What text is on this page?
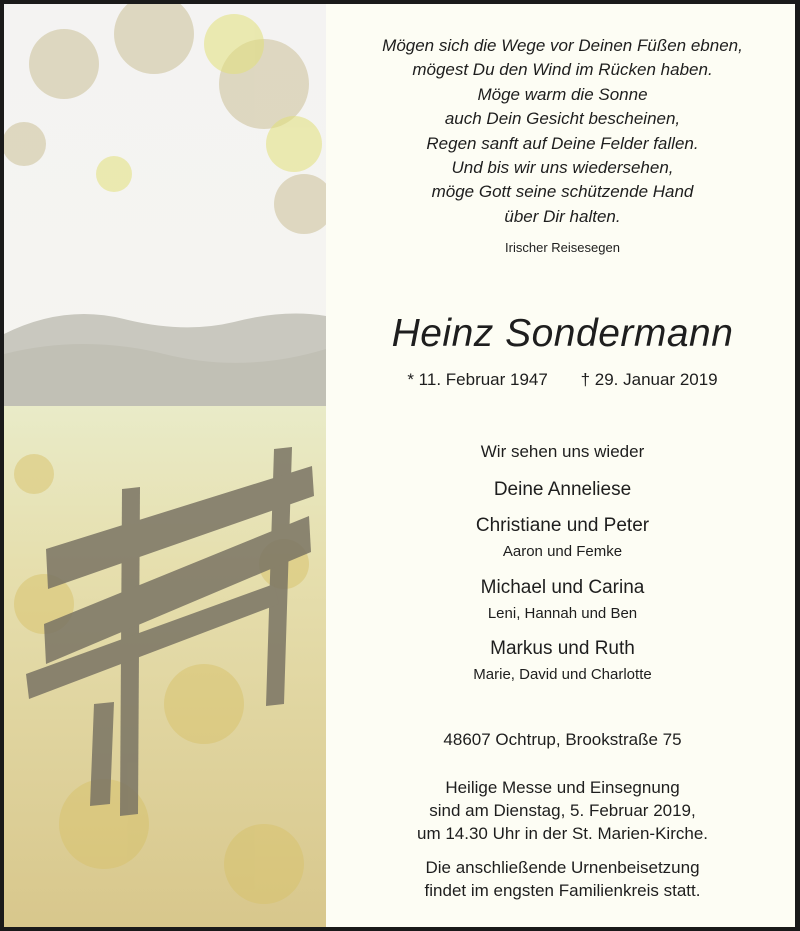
Mögen sich die Wege vor Deinen Füßen ebnen,
mögest Du den Wind im Rücken haben.
Möge warm die Sonne
auch Dein Gesicht bescheinen,
Regen sanft auf Deine Felder fallen.
Und bis wir uns wiedersehen,
möge Gott seine schützende Hand
über Dir halten.
Irischer Reisesegen
Heinz Sondermann
* 11. Februar 1947 † 29. Januar 2019
Wir sehen uns wieder
Deine Anneliese
Christiane und Peter
Aaron und Femke
Michael und Carina
Leni, Hannah und Ben
Markus und Ruth
Marie, David und Charlotte
48607 Ochtrup, Brookstraße 75
Heilige Messe und Einsegnung
sind am Dienstag, 5. Februar 2019,
um 14.30 Uhr in der St. Marien-Kirche.
Die anschließende Urnenbeisetzung
findet im engsten Familienkreis statt.
